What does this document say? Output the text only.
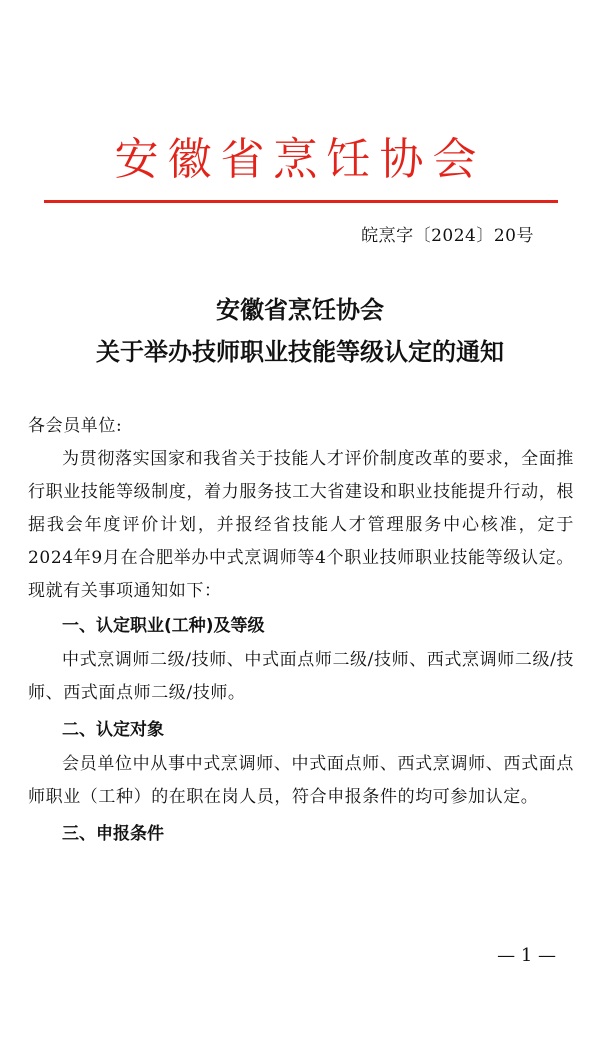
安徽省烹饪协会
皖烹字〔2024〕20号
安徽省烹饪协会
关于举办技师职业技能等级认定的通知

各会员单位:

为贯彻落实国家和我省关于技能人才评价制度改革的要求，全面推行职业技能等级制度，着力服务技工大省建设和职业技能提升行动，根据我会年度评价计划，并报经省技能人才管理服务中心核准，定于2024年9月在合肥举办中式烹调师等4个职业技师职业技能等级认定。现就有关事项通知如下：

一、认定职业(工种)及等级

中式烹调师二级/技师、中式面点师二级/技师、西式烹调师二级/技师、西式面点师二级/技师。

二、认定对象

会员单位中从事中式烹调师、中式面点师、西式烹调师、西式面点师职业（工种）的在职在岗人员，符合申报条件的均可参加认定。

三、申报条件

— 1 —
